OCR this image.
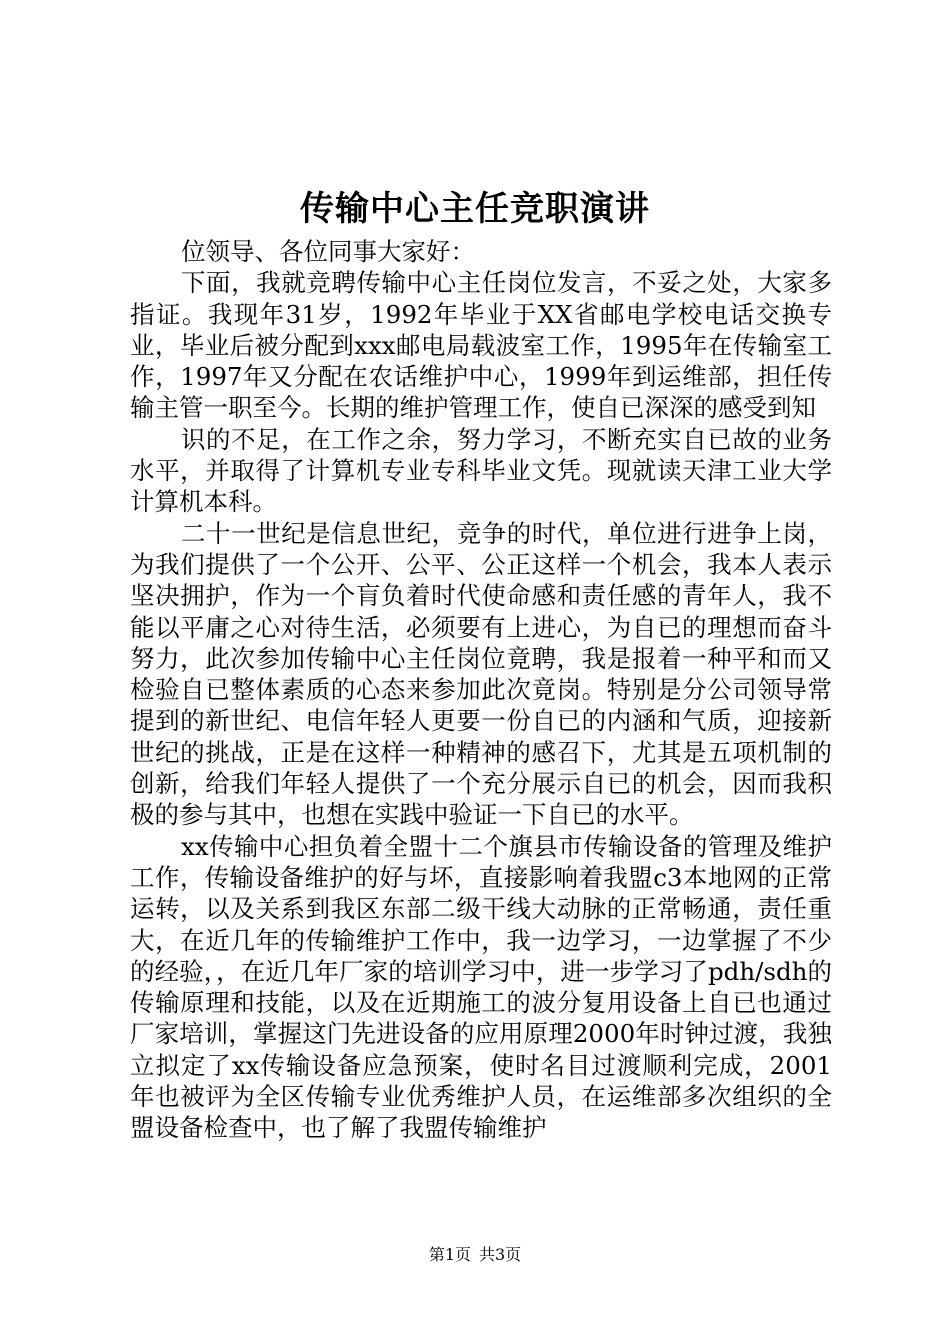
传输中心主任竞职演讲

位领导、各位同事大家好：

下面，我就竞聘传输中心主任岗位发言，不妥之处，大家多指证。我现年31岁，1992年毕业于XX省邮电学校电话交换专业，毕业后被分配到xxx邮电局载波室工作，1995年在传输室工作，1997年又分配在农话维护中心，1999年到运维部，担任传输主管一职至今。长期的维护管理工作，使自已深深的感受到知

识的不足，在工作之余，努力学习，不断充实自已故的业务水平，并取得了计算机专业专科毕业文凭。现就读天津工业大学计算机本科。

二十一世纪是信息世纪，竞争的时代，单位进行进争上岗，为我们提供了一个公开、公平、公正这样一个机会，我本人表示坚决拥护，作为一个肓负着时代使命感和责任感的青年人，我不能以平庸之心对待生活，必须要有上进心，为自已的理想而奋斗努力，此次参加传输中心主任岗位竟聘，我是报着一种平和而又检验自已整体素质的心态来参加此次竟岗。特别是分公司领导常提到的新世纪、电信年轻人更要一份自已的内涵和气质，迎接新世纪的挑战，正是在这样一种精神的感召下，尤其是五项机制的创新，给我们年轻人提供了一个充分展示自已的机会，因而我积极的参与其中，也想在实践中验证一下自已的水平。

xx传输中心担负着全盟十二个旗县市传输设备的管理及维护工作，传输设备维护的好与坏，直接影响着我盟c3本地网的正常运转，以及关系到我区东部二级干线大动脉的正常畅通，责任重大，在近几年的传输维护工作中，我一边学习，一边掌握了不少的经验，，在近几年厂家的培训学习中，进一步学习了pdh/sdh的传输原理和技能，以及在近期施工的波分复用设备上自已也通过厂家培训，掌握这门先进设备的应用原理2000年时钟过渡，我独立拟定了xx传输设备应急预案，使时名目过渡顺利完成，2001年也被评为全区传输专业优秀维护人员，在运维部多次组织的全盟设备检查中，也了解了我盟传输维护

第1页 共3页
